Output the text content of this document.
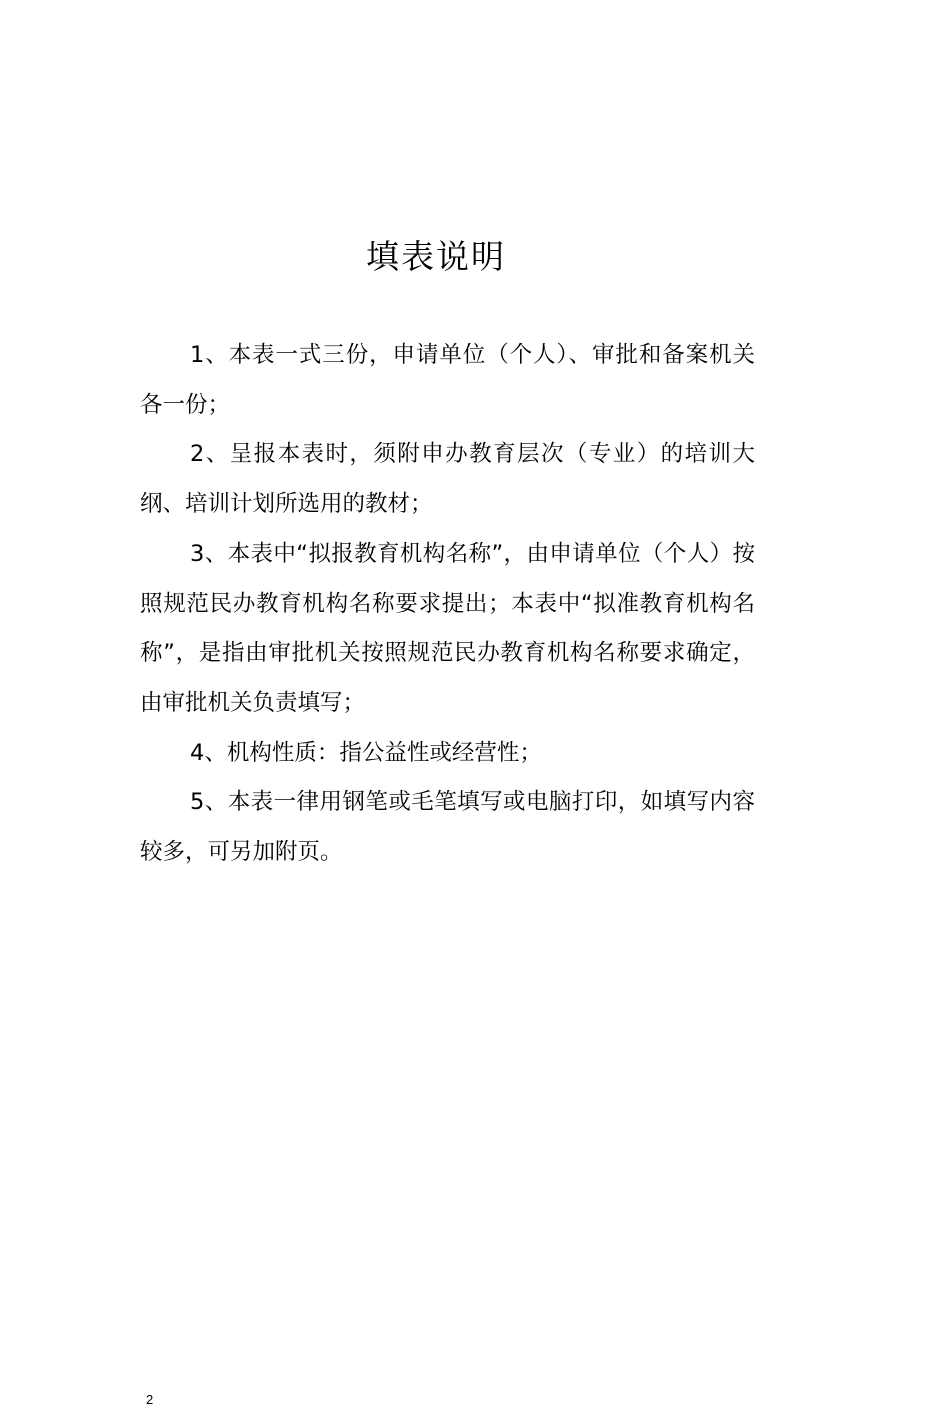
填表说明

1、本表一式三份，申请单位（个人）、审批和备案机关各一份；

2、呈报本表时，须附申办教育层次（专业）的培训大纲、培训计划所选用的教材；

3、本表中“拟报教育机构名称”，由申请单位（个人）按照规范民办教育机构名称要求提出；本表中“拟准教育机构名称”，是指由审批机关按照规范民办教育机构名称要求确定，由审批机关负责填写；

4、机构性质：指公益性或经营性；

5、本表一律用钢笔或毛笔填写或电脑打印，如填写内容较多，可另加附页。

2
